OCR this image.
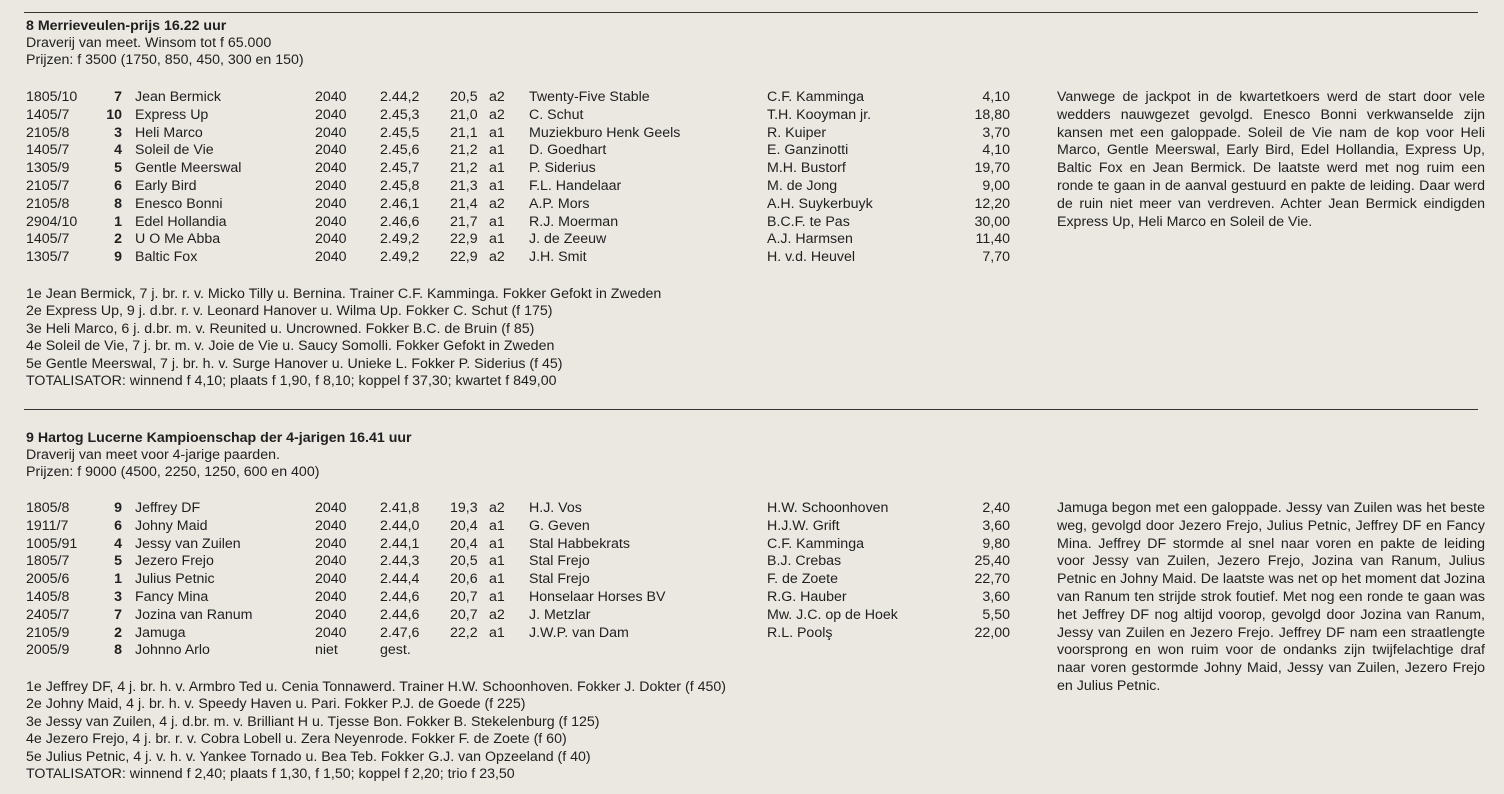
8 Merrieveulen-prijs 16.22 uur
Draverij van meet. Winsom tot f 65.000
Prijzen: f 3500 (1750, 850, 450, 300 en 150)
1805/10	7 Jean Bermick	2040 2.44,2 20,5 a2 Twenty-Five Stable	C.F. Kamminga	4,10
1405/7	10 Express Up	2040 2.45,3 21,0 a2 C. Schut	T.H. Kooyman jr.	18,80
2105/8	3 Heli Marco	2040 2.45,5 21,1 a1 Muziekburo Henk Geels	R. Kuiper	3,70
1405/7	4 Soleil de Vie	2040 2.45,6 21,2 a1 D. Goedhart	E. Ganzinotti	4,10
1305/9	5 Gentle Meerswal	2040 2.45,7 21,2 a1 P. Siderius	M.H. Bustorf	19,70
2105/7	6 Early Bird	2040 2.45,8 21,3 a1 F.L. Handelaar	M. de Jong	9,00
2105/8	8 Enesco Bonni	2040 2.46,1 21,4 a2 A.P. Mors	A.H. Suykerbuyk	12,20
2904/10	1 Edel Hollandia	2040 2.46,6 21,7 a1 R.J. Moerman	B.C.F. te Pas	30,00
1405/7	2 U O Me Abba	2040 2.49,2 22,9 a1 J. de Zeeuw	A.J. Harmsen	11,40
1305/7	9 Baltic Fox	2040 2.49,2 22,9 a2 J.H. Smit	H. v.d. Heuvel	7,70
Vanwege de jackpot in de kwartetkoers werd de start door vele wedders nauwgezet gevolgd. Enesco Bonni verkwanselde zijn kansen met een galoppade. Soleil de Vie nam de kop voor Heli Marco, Gentle Meerswal, Early Bird, Edel Hollandia, Express Up, Baltic Fox en Jean Bermick. De laatste werd met nog ruim een ronde te gaan in de aanval gestuurd en pakte de leiding. Daar werd de ruin niet meer van verdreven. Achter Jean Bermick eindigden Express Up, Heli Marco en Soleil de Vie.
1e Jean Bermick, 7 j. br. r. v. Micko Tilly u. Bernina. Trainer C.F. Kamminga. Fokker Gefokt in Zweden
2e Express Up, 9 j. d.br. r. v. Leonard Hanover u. Wilma Up. Fokker C. Schut (f 175)
3e Heli Marco, 6 j. d.br. m. v. Reunited u. Uncrowned. Fokker B.C. de Bruin (f 85)
4e Soleil de Vie, 7 j. br. m. v. Joie de Vie u. Saucy Somolli. Fokker Gefokt in Zweden
5e Gentle Meerswal, 7 j. br. h. v. Surge Hanover u. Unieke L. Fokker P. Siderius (f 45)
TOTALISATOR: winnend f 4,10; plaats f 1,90, f 8,10; koppel f 37,30; kwartet f 849,00
9 Hartog Lucerne Kampioenschap der 4-jarigen 16.41 uur
Draverij van meet voor 4-jarige paarden.
Prijzen: f 9000 (4500, 2250, 1250, 600 en 400)
1805/8	9 Jeffrey DF	2040 2.41,8 19,3 a2 H.J. Vos	H.W. Schoonhoven	2,40
1911/7	6 Johny Maid	2040 2.44,0 20,4 a1 G. Geven	H.J.W. Grift	3,60
1005/91	4 Jessy van Zuilen	2040 2.44,1 20,4 a1 Stal Habbekrats	C.F. Kamminga	9,80
1805/7	5 Jezero Frejo	2040 2.44,3 20,5 a1 Stal Frejo	B.J. Crebas	25,40
2005/6	1 Julius Petnic	2040 2.44,4 20,6 a1 Stal Frejo	F. de Zoete	22,70
1405/8	3 Fancy Mina	2040 2.44,6 20,7 a1 Honselaar Horses BV	R.G. Hauber	3,60
2405/7	7 Jozina van Ranum	2040 2.44,6 20,7 a2 J. Metzlar	Mw. J.C. op de Hoek	5,50
2105/9	2 Jamuga	2040 2.47,6 22,2 a1 J.W.P. van Dam	R.L. Poolş	22,00
2005/9	8 Johnno Arlo	niet	gest.
Jamuga begon met een galoppade. Jessy van Zuilen was het beste weg, gevolgd door Jezero Frejo, Julius Petnic, Jeffrey DF en Fancy Mina. Jeffrey DF stormde al snel naar voren en pakte de leiding voor Jessy van Zuilen, Jezero Frejo, Jozina van Ranum, Julius Petnic en Johny Maid. De laatste was net op het moment dat Jozina van Ranum ten strijde strok foutief. Met nog een ronde te gaan was het Jeffrey DF nog altijd voorop, gevolgd door Jozina van Ranum, Jessy van Zuilen en Jezero Frejo. Jeffrey DF nam een straatlengte voorsprong en won ruim voor de ondanks zijn twijfelachtige draf naar voren gestormde Johny Maid, Jessy van Zuilen, Jezero Frejo en Julius Petnic.
1e Jeffrey DF, 4 j. br. h. v. Armbro Ted u. Cenia Tonnawerd. Trainer H.W. Schoonhoven. Fokker J. Dokter (f 450)
2e Johny Maid, 4 j. br. h. v. Speedy Haven u. Pari. Fokker P.J. de Goede (f 225)
3e Jessy van Zuilen, 4 j. d.br. m. v. Brilliant H u. Tjesse Bon. Fokker B. Stekelenburg (f 125)
4e Jezero Frejo, 4 j. br. r. v. Cobra Lobell u. Zera Neyenrode. Fokker F. de Zoete (f 60)
5e Julius Petnic, 4 j. v. h. v. Yankee Tornado u. Bea Teb. Fokker G.J. van Opzeeland (f 40)
TOTALISATOR: winnend f 2,40; plaats f 1,30, f 1,50; koppel f 2,20; trio f 23,50
